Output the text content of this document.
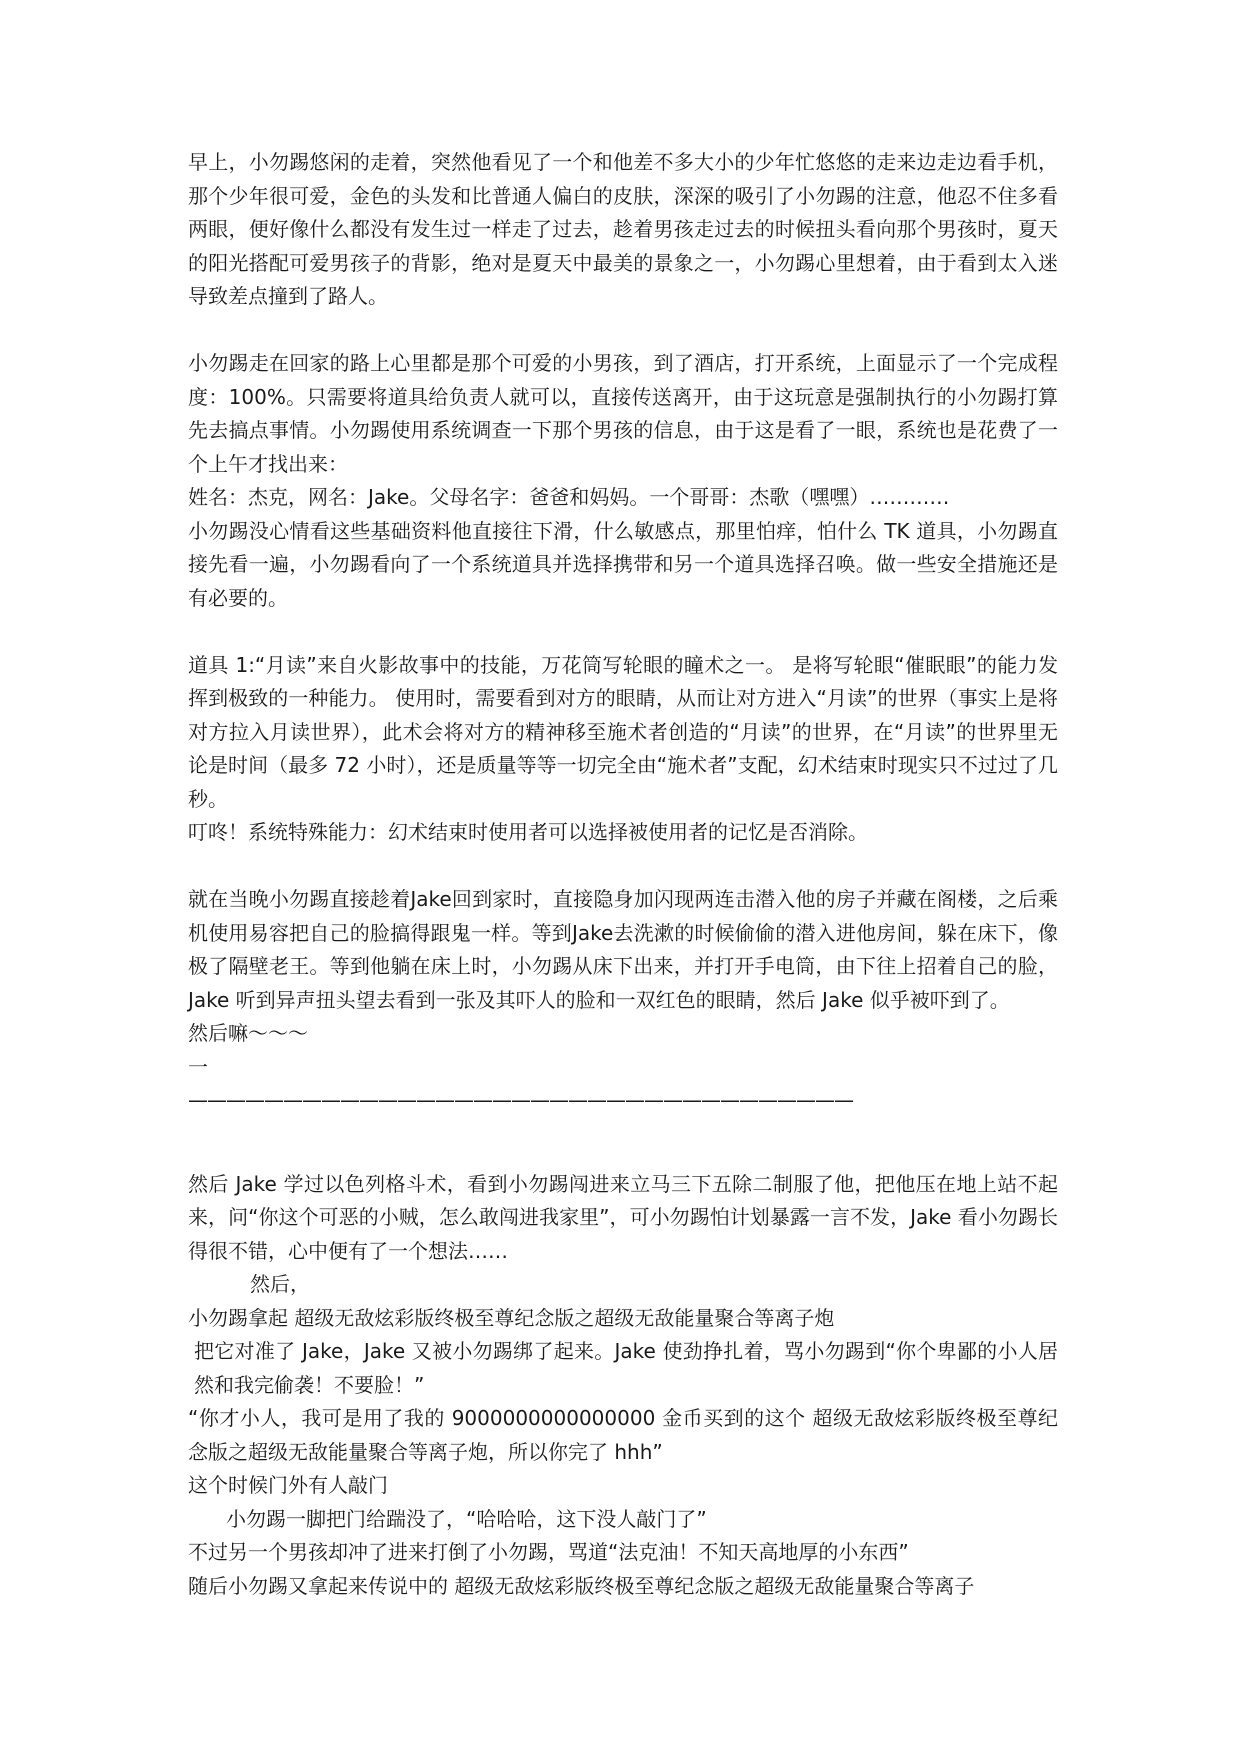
早上，小勿踢悠闲的走着，突然他看见了一个和他差不多大小的少年忙悠悠的走来边走边看手机，那个少年很可爱，金色的头发和比普通人偏白的皮肤，深深的吸引了小勿踢的注意，他忍不住多看两眼，便好像什么都没有发生过一样走了过去，趁着男孩走过去的时候扭头看向那个男孩时，夏天的阳光搭配可爱男孩子的背影，绝对是夏天中最美的景象之一，小勿踢心里想着，由于看到太入迷导致差点撞到了路人。

小勿踢走在回家的路上心里都是那个可爱的小男孩，到了酒店，打开系统，上面显示了一个完成程度：100%。只需要将道具给负责人就可以，直接传送离开，由于这玩意是强制执行的小勿踢打算先去搞点事情。小勿踢使用系统调查一下那个男孩的信息，由于这是看了一眼，系统也是花费了一个上午才找出来：

姓名：杰克，网名：Jake。父母名字：爸爸和妈妈。一个哥哥：杰歌（嘿嘿）…………

小勿踢没心情看这些基础资料他直接往下滑，什么敏感点，那里怕痒，怕什么 TK 道具，小勿踢直接先看一遍，小勿踢看向了一个系统道具并选择携带和另一个道具选择召唤。做一些安全措施还是有必要的。

道具 1:“月读”来自火影故事中的技能，万花筒写轮眼的瞳术之一。 是将写轮眼“催眠眼”的能力发挥到极致的一种能力。 使用时，需要看到对方的眼睛，从而让对方进入“月读”的世界（事实上是将对方拉入月读世界），此术会将对方的精神移至施术者创造的“月读”的世界，在“月读”的世界里无论是时间（最多 72 小时），还是质量等等一切完全由“施术者”支配，幻术结束时现实只不过过了几秒。

叮咚！系统特殊能力：幻术结束时使用者可以选择被使用者的记忆是否消除。

就在当晚小勿踢直接趁着Jake回到家时，直接隐身加闪现两连击潜入他的房子并藏在阁楼，之后乘机使用易容把自己的脸搞得跟鬼一样。等到Jake去洗漱的时候偷偷的潜入进他房间，躲在床下，像极了隔壁老王。等到他躺在床上时，小勿踢从床下出来，并打开手电筒，由下往上招着自己的脸，Jake 听到异声扭头望去看到一张及其吓人的脸和一双红色的眼睛，然后 Jake 似乎被吓到了。

然后嘛～～～

一

———————————————————————————————————

然后 Jake 学过以色列格斗术，看到小勿踢闯进来立马三下五除二制服了他，把他压在地上站不起来，问“你这个可恶的小贼，怎么敢闯进我家里”，可小勿踢怕计划暴露一言不发，Jake 看小勿踢长得很不错，心中便有了一个想法……

然后，

小勿踢拿起 超级无敌炫彩版终极至尊纪念版之超级无敌能量聚合等离子炮

把它对准了 Jake，Jake 又被小勿踢绑了起来。Jake 使劲挣扎着，骂小勿踢到“你个卑鄙的小人居然和我完偷袭！不要脸！”

“你才小人，我可是用了我的 9000000000000000 金币买到的这个 超级无敌炫彩版终极至尊纪念版之超级无敌能量聚合等离子炮，所以你完了 hhh”

这个时候门外有人敲门

小勿踢一脚把门给踹没了，“哈哈哈，这下没人敲门了”

不过另一个男孩却冲了进来打倒了小勿踢，骂道“法克油！不知天高地厚的小东西”

随后小勿踢又拿起来传说中的 超级无敌炫彩版终极至尊纪念版之超级无敌能量聚合等离子
